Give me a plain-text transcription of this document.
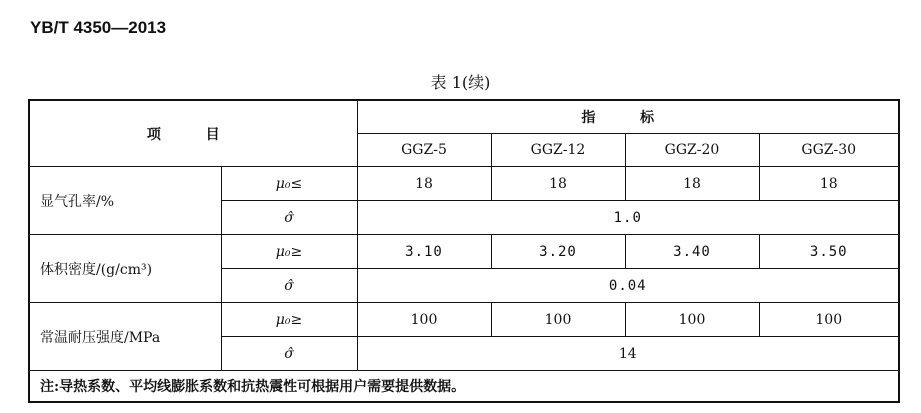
YB/T 4350—2013
表 1(续)
项 目		指 标			
		GGZ-5	GGZ-12	GGZ-20	GGZ-30
显气孔率/%	μ₀≤	18	18	18	18
	σ̂	1.0			
体积密度/(g/cm³)	μ₀≥	3.10	3.20	3.40	3.50
	σ̂	0.04			
常温耐压强度/MPa	μ₀≥	100	100	100	100
	σ̂	14			
注:导热系数、平均线膨胀系数和抗热震性可根据用户需要提供数据。					
